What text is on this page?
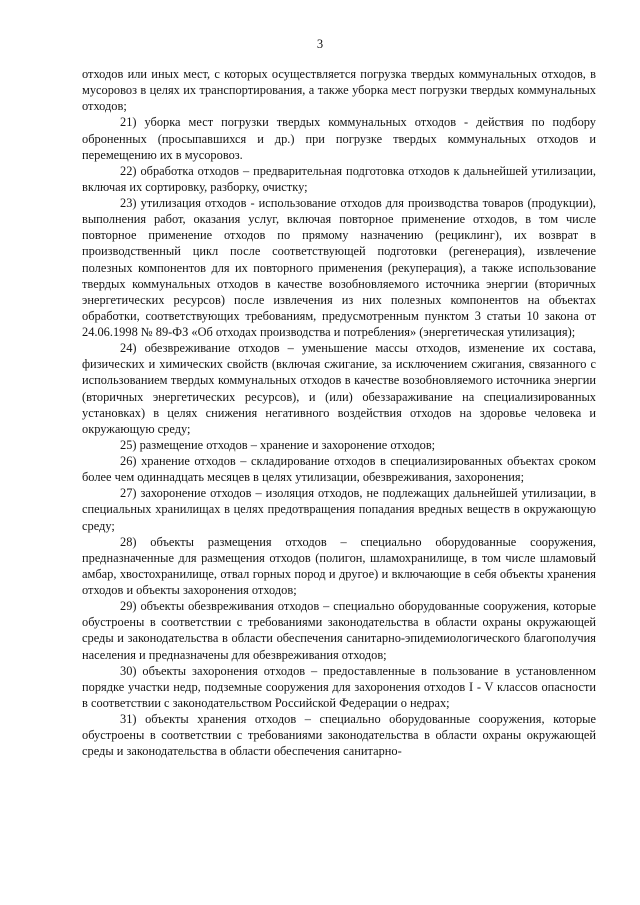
3

отходов или иных мест, с которых осуществляется погрузка твердых коммунальных отходов, в мусоровоз в целях их транспортирования, а также уборка мест погрузки твердых коммунальных отходов;

21) уборка мест погрузки твердых коммунальных отходов - действия по подбору оброненных (просыпавшихся и др.) при погрузке твердых коммунальных отходов и перемещению их в мусоровоз.

22) обработка отходов – предварительная подготовка отходов к дальнейшей утилизации, включая их сортировку, разборку, очистку;

23) утилизация отходов - использование отходов для производства товаров (продукции), выполнения работ, оказания услуг, включая повторное применение отходов, в том числе повторное применение отходов по прямому назначению (рециклинг), их возврат в производственный цикл после соответствующей подготовки (регенерация), извлечение полезных компонентов для их повторного применения (рекуперация), а также использование твердых коммунальных отходов в качестве возобновляемого источника энергии (вторичных энергетических ресурсов) после извлечения из них полезных компонентов на объектах обработки, соответствующих требованиям, предусмотренным пунктом 3 статьи 10 закона от 24.06.1998 № 89-ФЗ «Об отходах производства и потребления» (энергетическая утилизация);

24) обезвреживание отходов – уменьшение массы отходов, изменение их состава, физических и химических свойств (включая сжигание, за исключением сжигания, связанного с использованием твердых коммунальных отходов в качестве возобновляемого источника энергии (вторичных энергетических ресурсов), и (или) обеззараживание на специализированных установках) в целях снижения негативного воздействия отходов на здоровье человека и окружающую среду;

25) размещение отходов – хранение и захоронение отходов;

26) хранение отходов – складирование отходов в специализированных объектах сроком более чем одиннадцать месяцев в целях утилизации, обезвреживания, захоронения;

27) захоронение отходов – изоляция отходов, не подлежащих дальнейшей утилизации, в специальных хранилищах в целях предотвращения попадания вредных веществ в окружающую среду;

28) объекты размещения отходов – специально оборудованные сооружения, предназначенные для размещения отходов (полигон, шламохранилище, в том числе шламовый амбар, хвостохранилище, отвал горных пород и другое) и включающие в себя объекты хранения отходов и объекты захоронения отходов;

29) объекты обезвреживания отходов – специально оборудованные сооружения, которые обустроены в соответствии с требованиями законодательства в области охраны окружающей среды и законодательства в области обеспечения санитарно-эпидемиологического благополучия населения и предназначены для обезвреживания отходов;

30) объекты захоронения отходов – предоставленные в пользование в установленном порядке участки недр, подземные сооружения для захоронения отходов I - V классов опасности в соответствии с законодательством Российской Федерации о недрах;

31) объекты хранения отходов – специально оборудованные сооружения, которые обустроены в соответствии с требованиями законодательства в области охраны окружающей среды и законодательства в области обеспечения санитарно-
